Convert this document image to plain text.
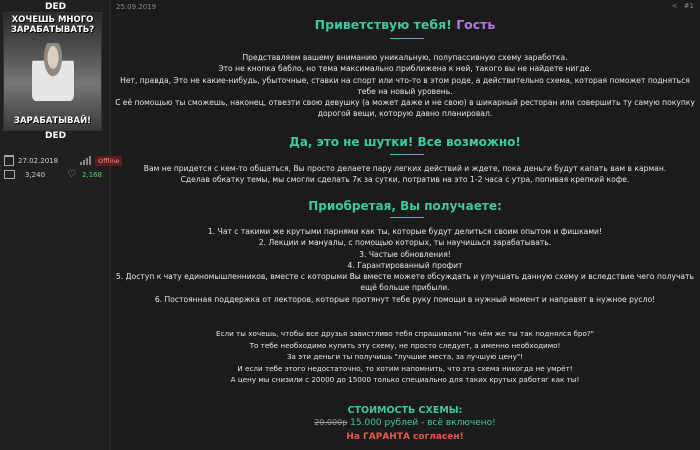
DED
ХОЧЕШЬ МНОГО ЗАРАБАТЫВАТЬ?
ЗАРАБАТЫВАЙ!
DED
27.02.2018	Offline
3,240 ♡ 2,168
25.09.2019	< #1
Приветствую тебя! Гость
Представляем вашему вниманию уникальную, полупассивную схему заработка.
Это не кнопка бабло, но тема максимально приближена к ней, такого вы не найдете нигде.
Нет, правда, Это не какие-нибудь, убыточные, ставки на спорт или что-то в этом роде, а действительно схема, которая поможет подняться
тебе на новый уровень.
С её помощью ты сможешь, наконец, отвезти свою девушку (а может даже и не свою) в шикарный ресторан или совершить ту самую покупку
дорогой вещи, которую давно планировал.
Да, это не шутки! Все возможно!
Вам не придется с кем-то общаться, Вы просто делаете пару легких действий и ждете, пока деньги будут капать вам в карман.
Сделав обкатку темы, мы смогли сделать 7к за сутки, потратив на это 1-2 часа с утра, попивая крепкий кофе.
Приобретая, Вы получаете:
1. Чат с такими же крутыми парнями как ты, которые будут делиться своим опытом и фишками!
2. Лекции и мануалы, с помощью которых, ты научишься зарабатывать.
3. Частые обновления!
4. Гарантированный профит
5. Доступ к чату единомышленников, вместе с которыми Вы вместе можете обсуждать и улучшать данную схему и вследствие чего получать
ещё больше прибыли.
6. Постоянная поддержка от лекторов, которые протянут тебе руку помощи в нужный момент и направят в нужное русло!
Если ты хочешь, чтобы все друзья завистливо тебя спрашивали "на чём же ты так поднялся бро?"
То тебе необходимо купить эту схему, не просто следует, а именно необходимо!
За эти деньги ты получишь "лучшие места, за лучшую цену"!
И если тебе этого недостаточно, то хотим напомнить, что эта схема никогда не умрёт!
А цену мы снизили с 20000 до 15000 только специально для таких крутых работяг как ты!
СТОИМОСТЬ СХЕМЫ:
20.000р 15.000 рублей - всё включено!
На ГАРАНТА согласен!
